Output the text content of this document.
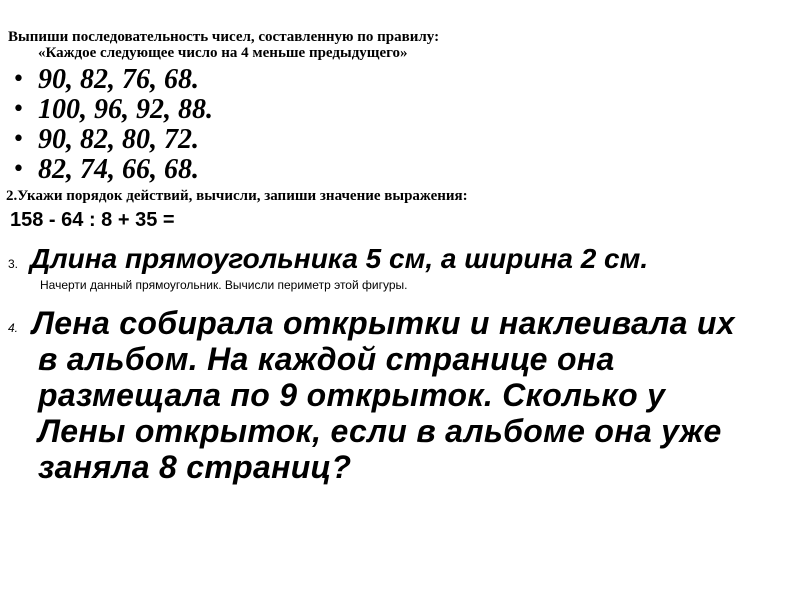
Выпиши последовательность чисел, составленную по правилу:
«Каждое следующее число на 4 меньше предыдущего»
• 90, 82, 76, 68.
• 100, 96, 92, 88.
• 90, 82, 80, 72.
• 82, 74, 66, 68.
2.Укажи порядок действий, вычисли, запиши значение выражения:
158 - 64 : 8 + 35 =
3. Длина прямоугольника 5 см, а ширина 2 см.
Начерти данный прямоугольник. Вычисли периметр этой фигуры.
4. Лена собирала открытки и наклеивала их
в альбом. На каждой странице она
размещала по 9 открыток. Сколько у
Лены открыток, если в альбоме она уже
заняла 8 страниц?
